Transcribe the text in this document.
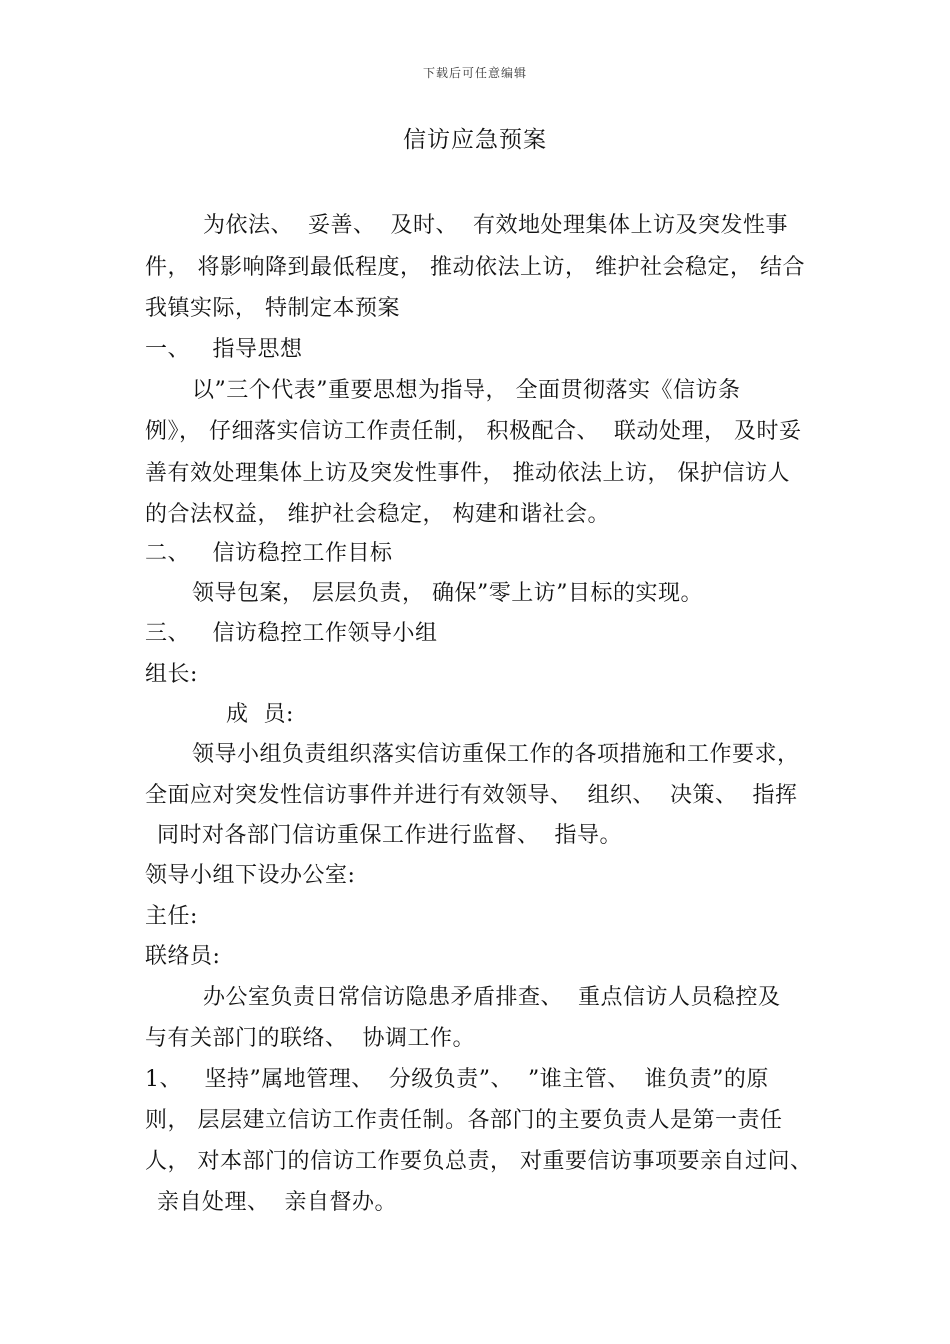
下载后可任意编辑
信访应急预案
为依法、  妥善、  及时、  有效地处理集体上访及突发性事
件， 将影响降到最低程度， 推动依法上访， 维护社会稳定， 结合
我镇实际， 特制定本预案
一、   指导思想
以”三个代表”重要思想为指导， 全面贯彻落实《信访条
例》， 仔细落实信访工作责任制， 积极配合、  联动处理， 及时妥
善有效处理集体上访及突发性事件， 推动依法上访， 保护信访人
的合法权益， 维护社会稳定， 构建和谐社会。
二、   信访稳控工作目标
领导包案， 层层负责， 确保”零上访”目标的实现。
三、   信访稳控工作领导小组
组长:
成  员:
领导小组负责组织落实信访重保工作的各项措施和工作要求，
全面应对突发性信访事件并进行有效领导、  组织、  决策、  指挥
同时对各部门信访重保工作进行监督、  指导。
领导小组下设办公室:
主任:
联络员:
办公室负责日常信访隐患矛盾排查、  重点信访人员稳控及
与有关部门的联络、  协调工作。
1、   坚持”属地管理、  分级负责”、  ”谁主管、  谁负责”的原
则， 层层建立信访工作责任制。各部门的主要负责人是第一责任
人， 对本部门的信访工作要负总责， 对重要信访事项要亲自过问、
亲自处理、  亲自督办。
